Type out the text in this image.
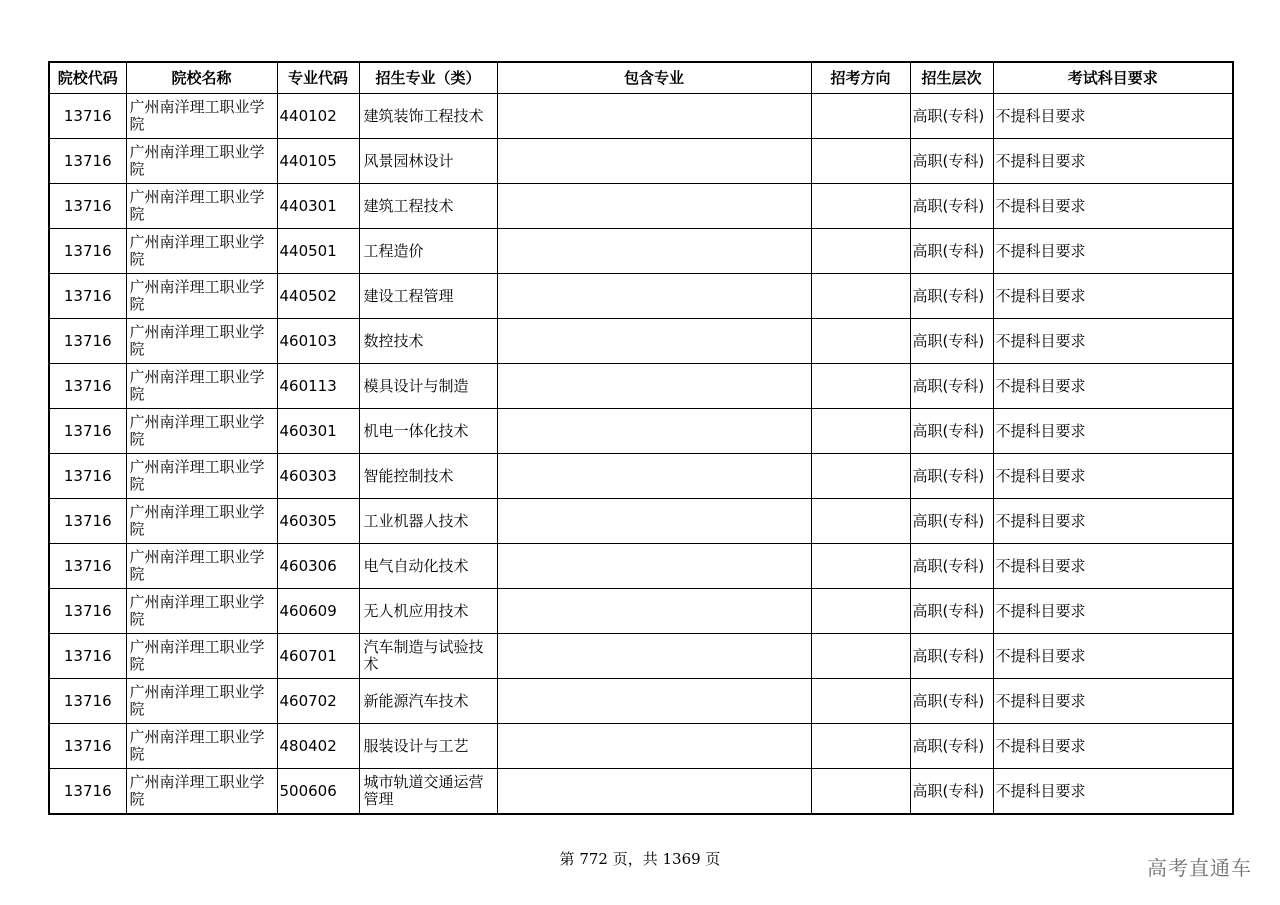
院校代码	院校名称	专业代码	招生专业（类）	包含专业	招考方向	招生层次	考试科目要求
13716	广州南洋理工职业学院	440102	建筑装饰工程技术			高职(专科)	不提科目要求
13716	广州南洋理工职业学院	440105	风景园林设计			高职(专科)	不提科目要求
13716	广州南洋理工职业学院	440301	建筑工程技术			高职(专科)	不提科目要求
13716	广州南洋理工职业学院	440501	工程造价			高职(专科)	不提科目要求
13716	广州南洋理工职业学院	440502	建设工程管理			高职(专科)	不提科目要求
13716	广州南洋理工职业学院	460103	数控技术			高职(专科)	不提科目要求
13716	广州南洋理工职业学院	460113	模具设计与制造			高职(专科)	不提科目要求
13716	广州南洋理工职业学院	460301	机电一体化技术			高职(专科)	不提科目要求
13716	广州南洋理工职业学院	460303	智能控制技术			高职(专科)	不提科目要求
13716	广州南洋理工职业学院	460305	工业机器人技术			高职(专科)	不提科目要求
13716	广州南洋理工职业学院	460306	电气自动化技术			高职(专科)	不提科目要求
13716	广州南洋理工职业学院	460609	无人机应用技术			高职(专科)	不提科目要求
13716	广州南洋理工职业学院	460701	汽车制造与试验技术			高职(专科)	不提科目要求
13716	广州南洋理工职业学院	460702	新能源汽车技术			高职(专科)	不提科目要求
13716	广州南洋理工职业学院	480402	服装设计与工艺			高职(专科)	不提科目要求
13716	广州南洋理工职业学院	500606	城市轨道交通运营管理			高职(专科)	不提科目要求
第 772 页，共 1369 页	高考直通车
